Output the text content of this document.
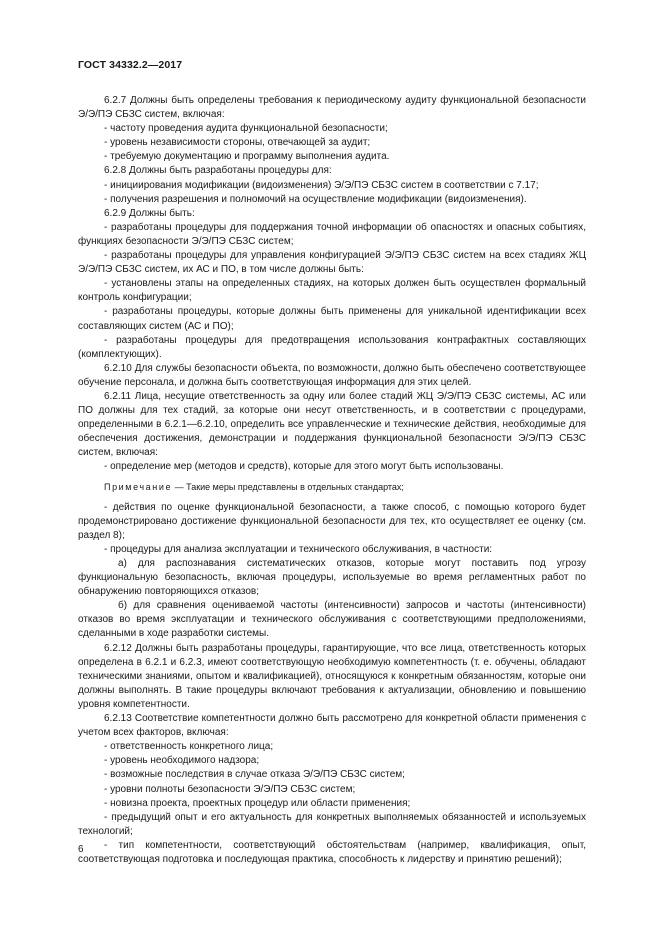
ГОСТ 34332.2—2017

6.2.7 Должны быть определены требования к периодическому аудиту функциональной безопасности Э/Э/ПЭ СБЗС систем, включая:

- частоту проведения аудита функциональной безопасности;

- уровень независимости стороны, отвечающей за аудит;

- требуемую документацию и программу выполнения аудита.

6.2.8 Должны быть разработаны процедуры для:

- инициирования модификации (видоизменения) Э/Э/ПЭ СБЗС систем в соответствии с 7.17;

- получения разрешения и полномочий на осуществление модификации (видоизменения).

6.2.9 Должны быть:

- разработаны процедуры для поддержания точной информации об опасностях и опасных событиях, функциях безопасности Э/Э/ПЭ СБЗС систем;

- разработаны процедуры для управления конфигурацией Э/Э/ПЭ СБЗС систем на всех стадиях ЖЦ Э/Э/ПЭ СБЗС систем, их АС и ПО, в том числе должны быть:

- установлены этапы на определенных стадиях, на которых должен быть осуществлен формальный контроль конфигурации;

- разработаны процедуры, которые должны быть применены для уникальной идентификации всех составляющих систем (АС и ПО);

- разработаны процедуры для предотвращения использования контрафактных составляющих (комплектующих).

6.2.10 Для службы безопасности объекта, по возможности, должно быть обеспечено соответствующее обучение персонала, и должна быть соответствующая информация для этих целей.

6.2.11 Лица, несущие ответственность за одну или более стадий ЖЦ Э/Э/ПЭ СБЗС системы, АС или ПО должны для тех стадий, за которые они несут ответственность, и в соответствии с процедурами, определенными в 6.2.1—6.2.10, определить все управленческие и технические действия, необходимые для обеспечения достижения, демонстрации и поддержания функциональной безопасности Э/Э/ПЭ СБЗС систем, включая:

- определение мер (методов и средств), которые для этого могут быть использованы.

Примечание — Такие меры представлены в отдельных стандартах;

- действия по оценке функциональной безопасности, а также способ, с помощью которого будет продемонстрировано достижение функциональной безопасности для тех, кто осуществляет ее оценку (см. раздел 8);

- процедуры для анализа эксплуатации и технического обслуживания, в частности:

а) для распознавания систематических отказов, которые могут поставить под угрозу функциональную безопасность, включая процедуры, используемые во время регламентных работ по обнаружению повторяющихся отказов;

б) для сравнения оцениваемой частоты (интенсивности) запросов и частоты (интенсивности) отказов во время эксплуатации и технического обслуживания с соответствующими предположениями, сделанными в ходе разработки системы.

6.2.12 Должны быть разработаны процедуры, гарантирующие, что все лица, ответственность которых определена в 6.2.1 и 6.2.3, имеют соответствующую необходимую компетентность (т. е. обучены, обладают техническими знаниями, опытом и квалификацией), относящуюся к конкретным обязанностям, которые они должны выполнять. В такие процедуры включают требования к актуализации, обновлению и повышению уровня компетентности.

6.2.13 Соответствие компетентности должно быть рассмотрено для конкретной области применения с учетом всех факторов, включая:

- ответственность конкретного лица;

- уровень необходимого надзора;

- возможные последствия в случае отказа Э/Э/ПЭ СБЗС систем;

- уровни полноты безопасности Э/Э/ПЭ СБЗС систем;

- новизна проекта, проектных процедур или области применения;

- предыдущий опыт и его актуальность для конкретных выполняемых обязанностей и используемых технологий;

- тип компетентности, соответствующий обстоятельствам (например, квалификация, опыт, соответствующая подготовка и последующая практика, способность к лидерству и принятию решений);

6
